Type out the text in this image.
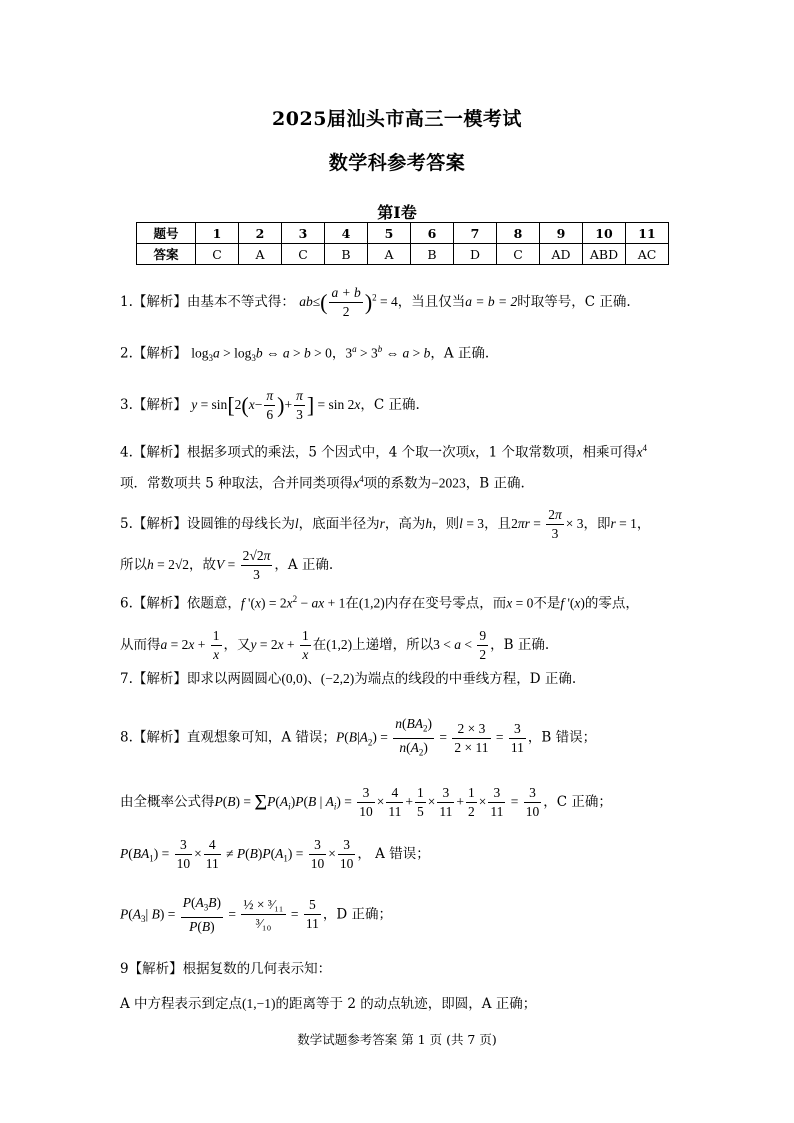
2025届汕头市高三一模考试
数学科参考答案
第Ⅰ卷
题号	1	2	3	4	5	6	7	8	9	10	11
答案	C	A	C	B	A	B	D	C	AD	ABD	AC
1.【解析】由基本不等式得： $ab\le( \frac{a + b}{2} )^2 = 4$，当且仅当a = b = 2时取等号，C 正确.
2.【解析】 $\log_3a > \log_3b$ ⇔ a > b > 0，$3^a > 3^b$ ⇔ a > b，A 正确.
3.【解析】 $y = \sin[2(x- \frac{\pi}{6}$ )+ $\frac{\pi}{3}$ ] = sin 2x，C 正确.
4.【解析】根据多项式的乘法，5 个因式中，4 个取一次项x，1 个取常数项，相乘可得$x^4$
项．常数项共 5 种取法，合并同类项得$x^4$项的系数为−2023，B 正确.
5.【解析】设圆锥的母线长为l，底面半径为r，高为h，则l = 3，且$2\pi r = \frac{2\pi}{3} \times 3$，即r = 1，
所以h = 2√2，故$V = \frac{2√2\pi}{3}$ ，A 正确.
6.【解析】依题意，f '$(x) = 2x^2$ − ax + 1在(1,2)内存在变号零点，而x = 0不是f '(x)的零点，
从而得$a = 2x + \frac{1}{x}$ ，又$y = 2x + \frac{1}{x}$ 在(1,2)上递增，所以$3 < a < \frac{9}{2}$ ，B 正确.
7.【解析】即求以两圆圆心(0,0)、(−2,2)为端点的线段的中垂线方程，D 正确.
8.【解析】直观想象可知，A 错误；$P(B|A_2) = \frac{n(BA_2)}{n(A_2)} = \frac{2 \times 3}{2 \times 11} = \frac{3}{11}$ ，B 错误；
由全概率公式得$P(B) = \Sigma P(A_i)P(B$ | $A_i) = \frac{3}{10} \times \frac{4}{11} + \frac{1}{5} \times \frac{3}{11} + \frac{1}{2} \times \frac{3}{11} = \frac{3}{10}$ ，C 正确；
$P(BA_1) = \frac{3}{10} \times \frac{4}{11} \ne P(B)P(A_1) = \frac{3}{10} \times \frac{3}{10}$ ， A 错误；
$P(A_3|$ $B) = \frac{P(A_3B)}{P(B)} = \frac{\text{½ × ³⁄₁₁}}{\text{³⁄₁₀}} = \frac{5}{11}$ ，D 正确；
9【解析】根据复数的几何表示知：
A 中方程表示到定点(1,−1)的距离等于 2 的动点轨迹，即圆，A 正确；
数学试题参考答案 第 1 页 (共 7 页)
